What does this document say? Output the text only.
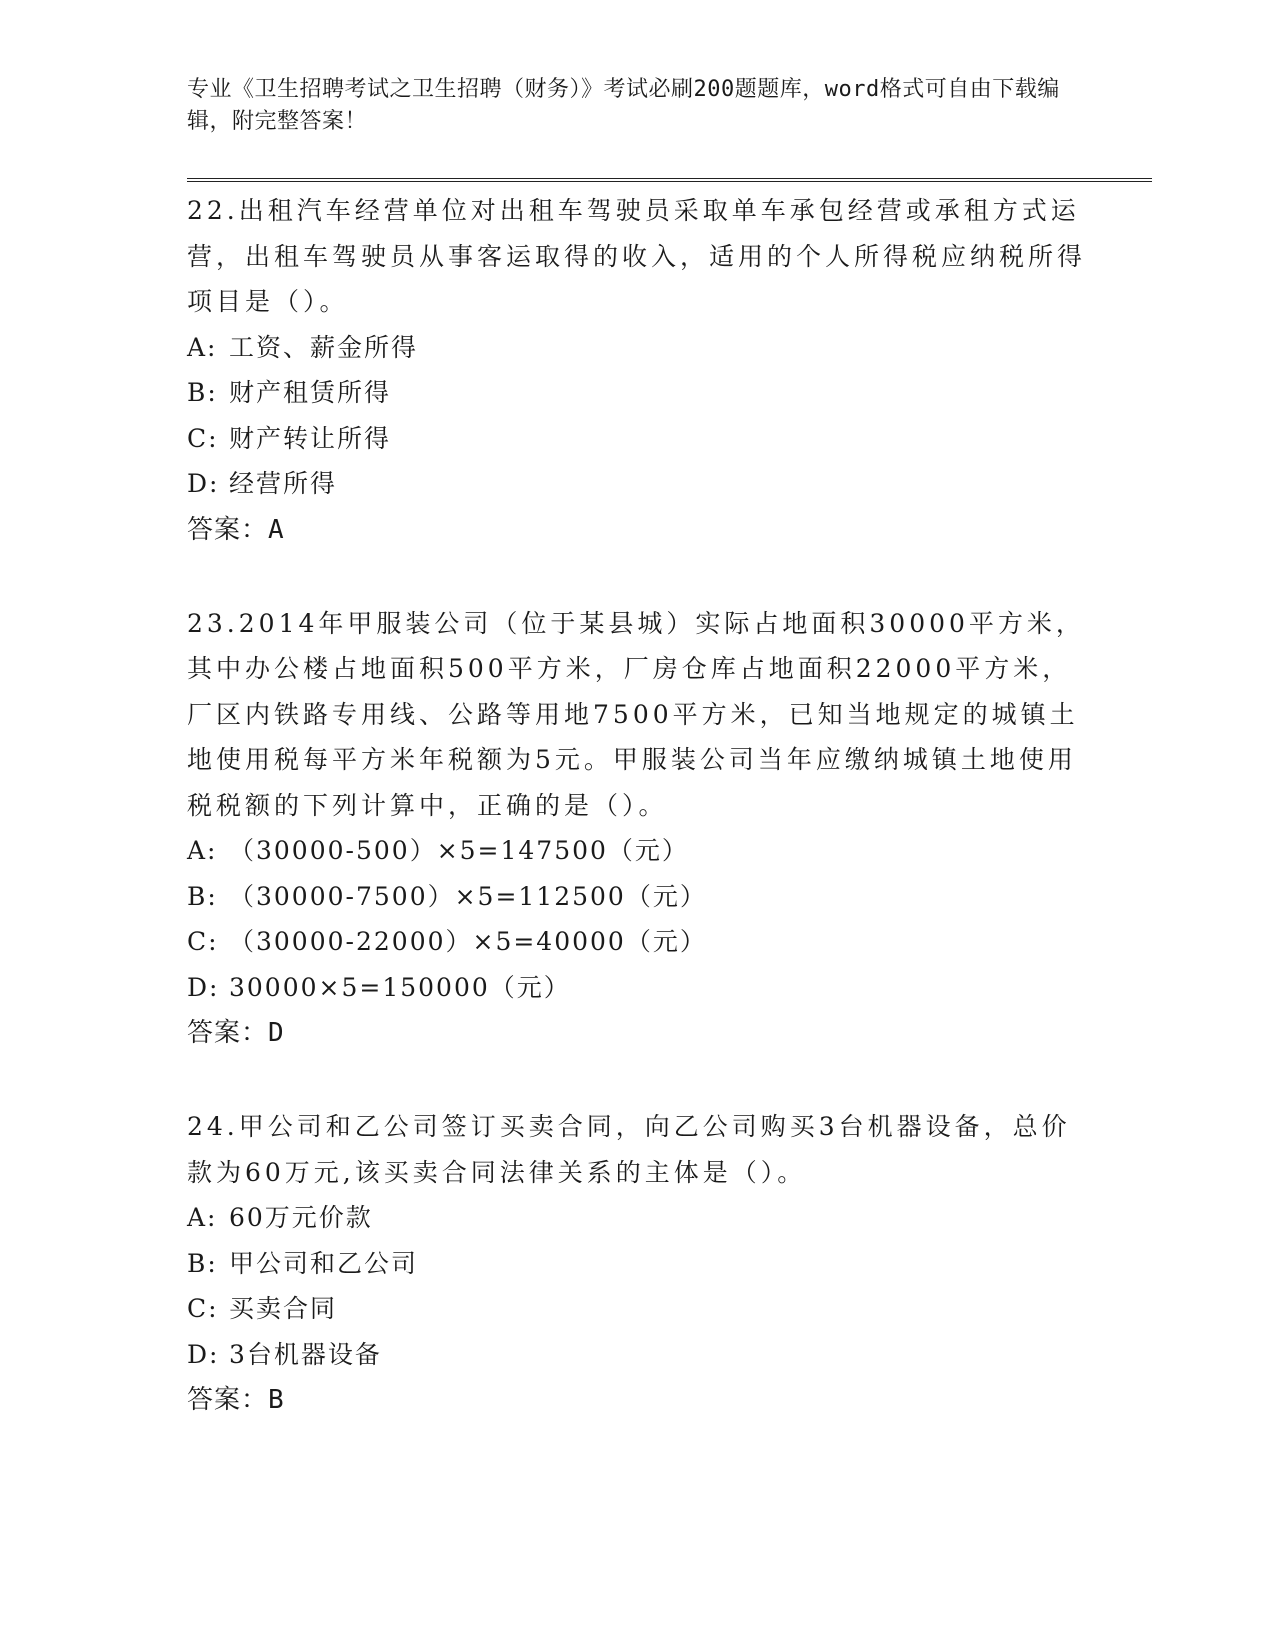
专业《卫生招聘考试之卫生招聘（财务）》考试必刷200题题库，word格式可自由下载编辑，附完整答案！

22.出租汽车经营单位对出租车驾驶员采取单车承包经营或承租方式运营，出租车驾驶员从事客运取得的收入，适用的个人所得税应纳税所得项目是（）。

A: 工资、薪金所得
B: 财产租赁所得
C: 财产转让所得
D: 经营所得
答案：A

23.2014年甲服装公司（位于某县城）实际占地面积30000平方米，其中办公楼占地面积500平方米，厂房仓库占地面积22000平方米，厂区内铁路专用线、公路等用地7500平方米，已知当地规定的城镇土地使用税每平方米年税额为5元。甲服装公司当年应缴纳城镇土地使用税税额的下列计算中，正确的是（）。

A: （30000-500）×5=147500（元）
B: （30000-7500）×5=112500（元）
C: （30000-22000）×5=40000（元）
D: 30000×5=150000（元）
答案：D

24.甲公司和乙公司签订买卖合同，向乙公司购买3台机器设备，总价款为60万元,该买卖合同法律关系的主体是（）。

A: 60万元价款
B: 甲公司和乙公司
C: 买卖合同
D: 3台机器设备
答案：B
